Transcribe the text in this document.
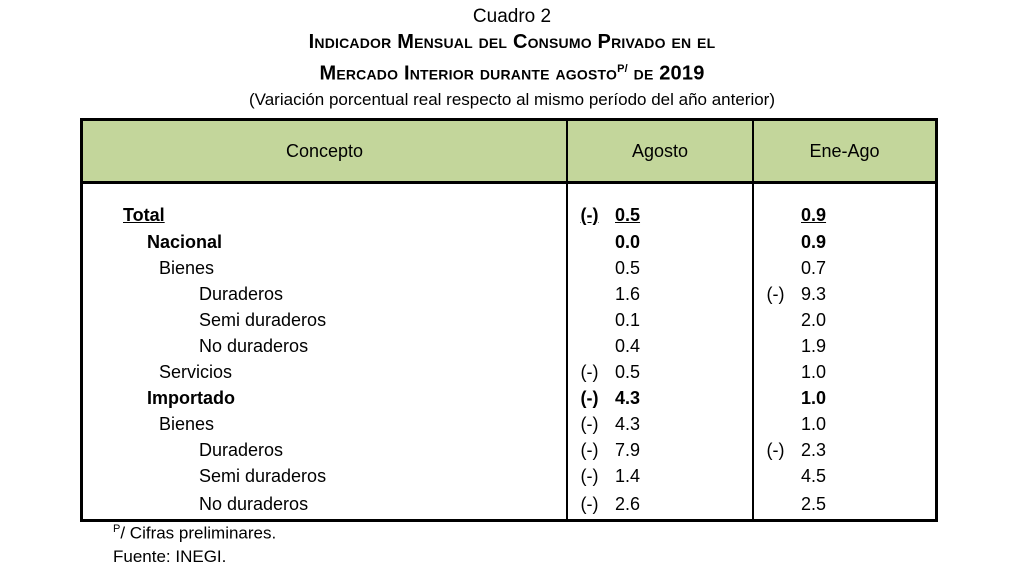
Cuadro 2
Indicador Mensual del Consumo Privado en el
Mercado Interior durante agosto$^{P/}$ de 2019
(Variación porcentual real respecto al mismo período del año anterior)
Concepto	Agosto		Ene-Ago	
Total	(-)	0.5		0.9
Nacional		0.0		0.9
Bienes		0.5		0.7
Duraderos		1.6	(-)	9.3
Semi duraderos		0.1		2.0
No duraderos		0.4		1.9
Servicios	(-)	0.5		1.0
Importado	(-)	4.3		1.0
Bienes	(-)	4.3		1.0
Duraderos	(-)	7.9	(-)	2.3
Semi duraderos	(-)	1.4		4.5
No duraderos	(-)	2.6		2.5
$^P$/ Cifras preliminares.
Fuente: INEGI.
